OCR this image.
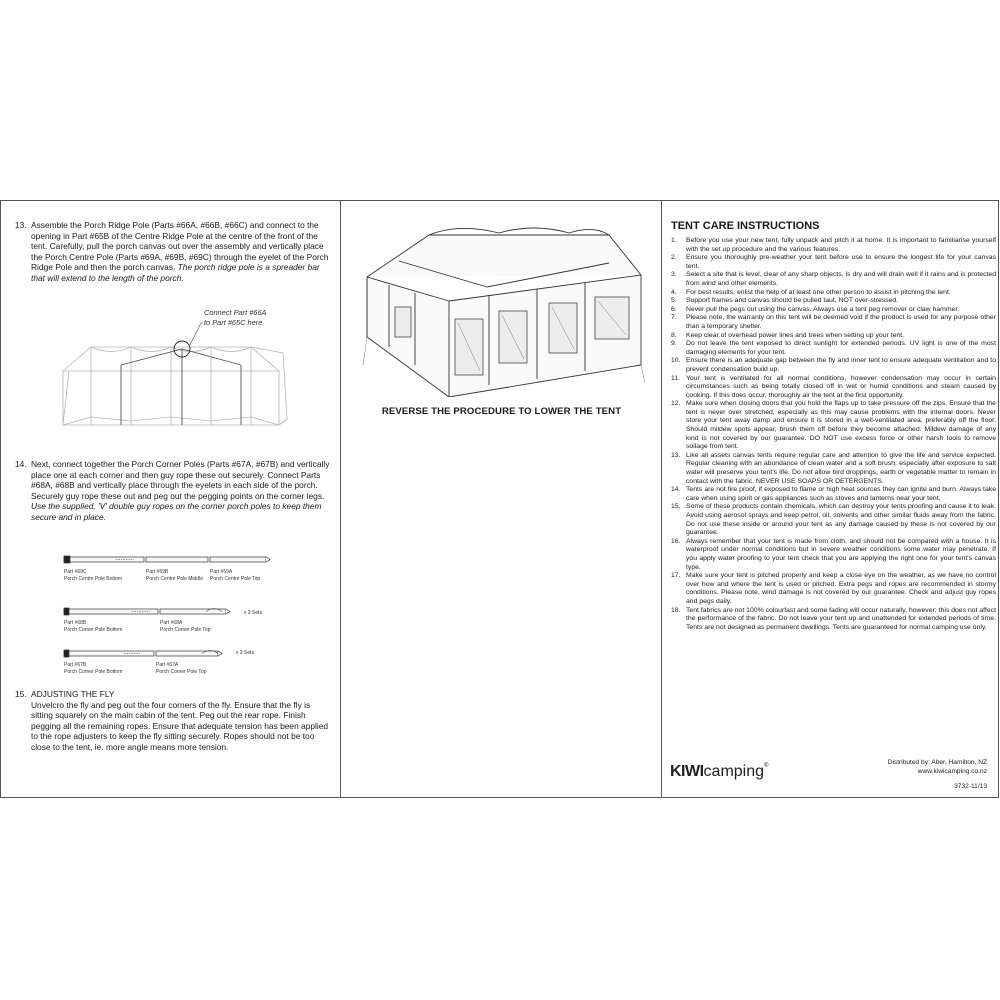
13. Assemble the Porch Ridge Pole (Parts #66A, #66B, #66C) and connect to the opening in Part #65B of the Centre Ridge Pole at the centre of the front of the tent. Carefully, pull the porch canvas out over the assembly and vertically place the Porch Centre Pole (Parts #69A, #69B, #69C) through the eyelet of the Porch Ridge Pole and then the porch canvas. The porch ridge pole is a spreader bar that will extend to the length of the porch.
Connect Part #66A
to Part #65C here
14. Next, connect together the Porch Corner Poles (Parts #67A, #67B) and vertically place one at each corner and then guy rope these out securely. Connect Parts #68A, #68B and vertically place through the eyelets in each side of the porch. Securely guy rope these out and peg out the pegging points on the corner legs.
Use the supplied, 'V' double guy ropes on the corner porch poles to keep them secure and in place.
Part #69C
Porch Centre Pole Bottom
Part #69B
Porch Centre Pole Middle
Part #69A
Porch Centre Pole Top
Part #68B
Porch Corner Pole Bottom
Part #68A
Porch Corner Pole Top
x 2 Sets
Part #67B
Porch Corner Pole Bottom
Part #67A
Porch Corner Pole Top
x 2 Sets
15. ADJUSTING THE FLY
Unvelcro the fly and peg out the four corners of the fly. Ensure that the fly is sitting squarely on the main cabin of the tent. Peg out the rear rope. Finish pegging all the remaining ropes. Ensure that adequate tension has been applied to the rope adjusters to keep the fly sitting securely. Ropes should not be too close to the tent, ie. more angle means more tension.
REVERSE THE PROCEDURE TO LOWER THE TENT
TENT CARE INSTRUCTIONS
1. Before you use your new tent, fully unpack and pitch it at home. It is important to familiarise yourself with the set up procedure and the various features.
2. Ensure you thoroughly pre-weather your tent before use to ensure the longest life for your canvas tent.
3. Select a site that is level, clear of any sharp objects, is dry and will drain well if it rains and is protected from wind and other elements.
4. For best results, enlist the help of at least one other person to assist in pitching the tent.
5. Support frames and canvas should be pulled taut, NOT over-stressed.
6. Never pull the pegs out using the canvas. Always use a tent peg remover or claw hammer.
7. Please note, the warranty on this tent will be deemed void if the product is used for any purpose other than a temporary shelter.
8. Keep clear of overhead power lines and trees when setting up your tent.
9. Do not leave the tent exposed to direct sunlight for extended periods. UV light is one of the most damaging elements for your tent.
10. Ensure there is an adequate gap between the fly and inner tent to ensure adequate ventilation and to prevent condensation build up.
11. Your tent is ventilated for all normal conditions, however condensation may occur in certain circumstances such as being totally closed off in wet or humid conditions and steam caused by cooking. If this does occur, thoroughly air the tent at the first opportunity.
12. Make sure when closing doors that you hold the flaps up to take pressure off the zips. Ensure that the tent is never over stretched, especially as this may cause problems with the internal doors. Never store your tent away damp and ensure it is stored in a well-ventilated area, preferably off the floor. Should mildew spots appear, brush them off before they become attached. Mildew damage of any kind is not covered by our guarantee. DO NOT use excess force or other harsh tools to remove soilage from tent.
13. Like all assets canvas tents require regular care and attention to give the life and service expected. Regular cleaning with an abundance of clean water and a soft brush, especially after exposure to salt water will preserve your tent's life. Do not allow bird droppings, earth or vegetable matter to remain in contact with the fabric. NEVER USE SOAPS OR DETERGENTS.
14. Tents are not fire proof, if exposed to flame or high heat sources they can ignite and burn. Always take care when using spirit or gas appliances such as stoves and lanterns near your tent.
15. Some of these products contain chemicals, which can destroy your tents proofing and cause it to leak. Avoid using aerosol sprays and keep petrol, oil, solvents and other similar fluids away from the fabric. Do not use these inside or around your tent as any damage caused by these is not covered by our guarantee.
16. Always remember that your tent is made from cloth, and should not be compared with a house. It is waterproof under normal conditions but in severe weather conditions some water may penetrate. If you apply water proofing to your tent check that you are applying the right one for your tent's canvas type.
17. Make sure your tent is pitched properly and keep a close eye on the weather, as we have no control over how and where the tent is used or pitched. Extra pegs and ropes are recommended in stormy conditions. Please note, wind damage is not covered by our guarantee. Check and adjust guy ropes and pegs daily.
18. Tent fabrics are not 100% colourfast and some fading will occur naturally, however; this does not affect the performance of the fabric. Do not leave your tent up and unattended for extended periods of time. Tents are not designed as permanent dwellings. Tents are guaranteed for normal camping use only.
KIWIcamping®	Distributed by: Aber, Hamilton, NZ
www.kiwicamping.co.nz
3732-11/13
